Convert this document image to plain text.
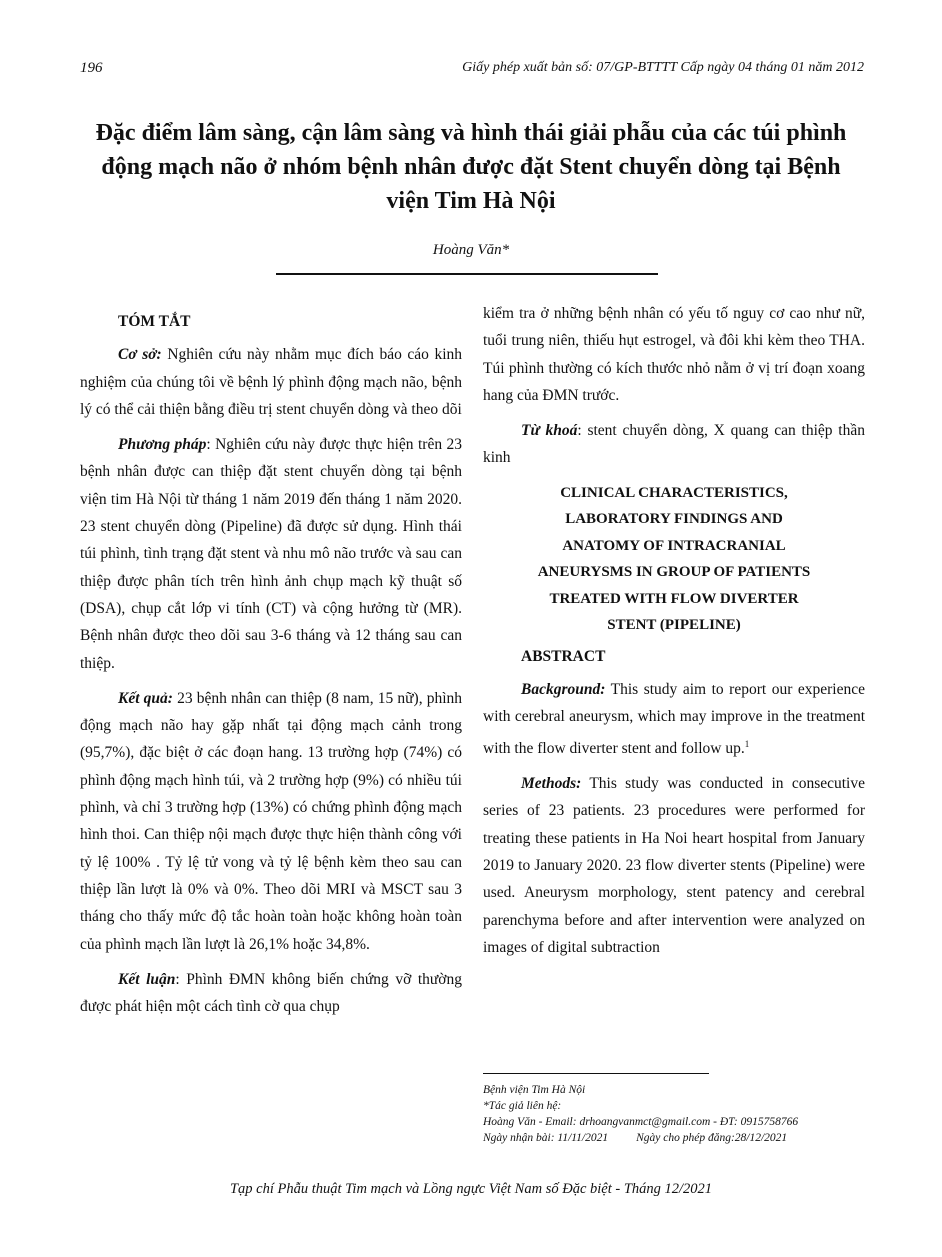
196	Giấy phép xuất bản số: 07/GP-BTTTT Cấp ngày 04 tháng 01 năm 2012
Đặc điểm lâm sàng, cận lâm sàng và hình thái giải phẫu của các túi phình động mạch não ở nhóm bệnh nhân được đặt Stent chuyển dòng tại Bệnh viện Tim Hà Nội
Hoàng Văn*
TÓM TẮT

Cơ sở: Nghiên cứu này nhằm mục đích báo cáo kinh nghiệm của chúng tôi về bệnh lý phình động mạch não, bệnh lý có thể cải thiện bằng điều trị stent chuyển dòng và theo dõi

Phương pháp: Nghiên cứu này được thực hiện trên 23 bệnh nhân được can thiệp đặt stent chuyển dòng tại bệnh viện tim Hà Nội từ tháng 1 năm 2019 đến tháng 1 năm 2020. 23 stent chuyển dòng (Pipeline) đã được sử dụng. Hình thái túi phình, tình trạng đặt stent và nhu mô não trước và sau can thiệp được phân tích trên hình ảnh chụp mạch kỹ thuật số (DSA), chụp cắt lớp vi tính (CT) và cộng hưởng từ (MR). Bệnh nhân được theo dõi sau 3-6 tháng và 12 tháng sau can thiệp.

Kết quả: 23 bệnh nhân can thiệp (8 nam, 15 nữ), phình động mạch não hay gặp nhất tại động mạch cảnh trong (95,7%), đặc biệt ở các đoạn hang. 13 trường hợp (74%) có phình động mạch hình túi, và 2 trường hợp (9%) có nhiều túi phình, và chỉ 3 trường hợp (13%) có chứng phình động mạch hình thoi. Can thiệp nội mạch được thực hiện thành công với tỷ lệ 100% . Tỷ lệ tử vong và tỷ lệ bệnh kèm theo sau can thiệp lần lượt là 0% và 0%. Theo dõi MRI và MSCT sau 3 tháng cho thấy mức độ tắc hoàn toàn hoặc không hoàn toàn của phình mạch lần lượt là 26,1% hoặc 34,8%.

Kết luận: Phình ĐMN không biến chứng vỡ thường được phát hiện một cách tình cờ qua chụp

kiểm tra ở những bệnh nhân có yếu tố nguy cơ cao như nữ, tuổi trung niên, thiếu hụt estrogel, và đôi khi kèm theo THA. Túi phình thường có kích thước nhỏ nằm ở vị trí đoạn xoang hang của ĐMN trước.

Từ khoá: stent chuyển dòng, X quang can thiệp thần kinh

CLINICAL CHARACTERISTICS,
LABORATORY FINDINGS AND
ANATOMY OF INTRACRANIAL
ANEURYSMS IN GROUP OF PATIENTS
TREATED WITH FLOW DIVERTER
STENT (PIPELINE)
ABSTRACT

Background: This study aim to report our experience with cerebral aneurysm, which may improve in the treatment with the flow diverter stent and follow up.$^1$

Methods: This study was conducted in consecutive series of 23 patients. 23 procedures were performed for treating these patients in Ha Noi heart hospital from January 2019 to January 2020. 23 flow diverter stents (Pipeline) were used. Aneurysm morphology, stent patency and cerebral parenchyma before and after intervention were analyzed on images of digital subtraction

Bệnh viện Tim Hà Nội
*Tác giả liên hệ:
Hoàng Văn - Email: drhoangvanmct@gmail.com - ĐT: 0915758766
Ngày nhận bài: 11/11/2021 Ngày cho phép đăng:28/12/2021
Tạp chí Phẫu thuật Tim mạch và Lồng ngực Việt Nam số Đặc biệt - Tháng 12/2021
